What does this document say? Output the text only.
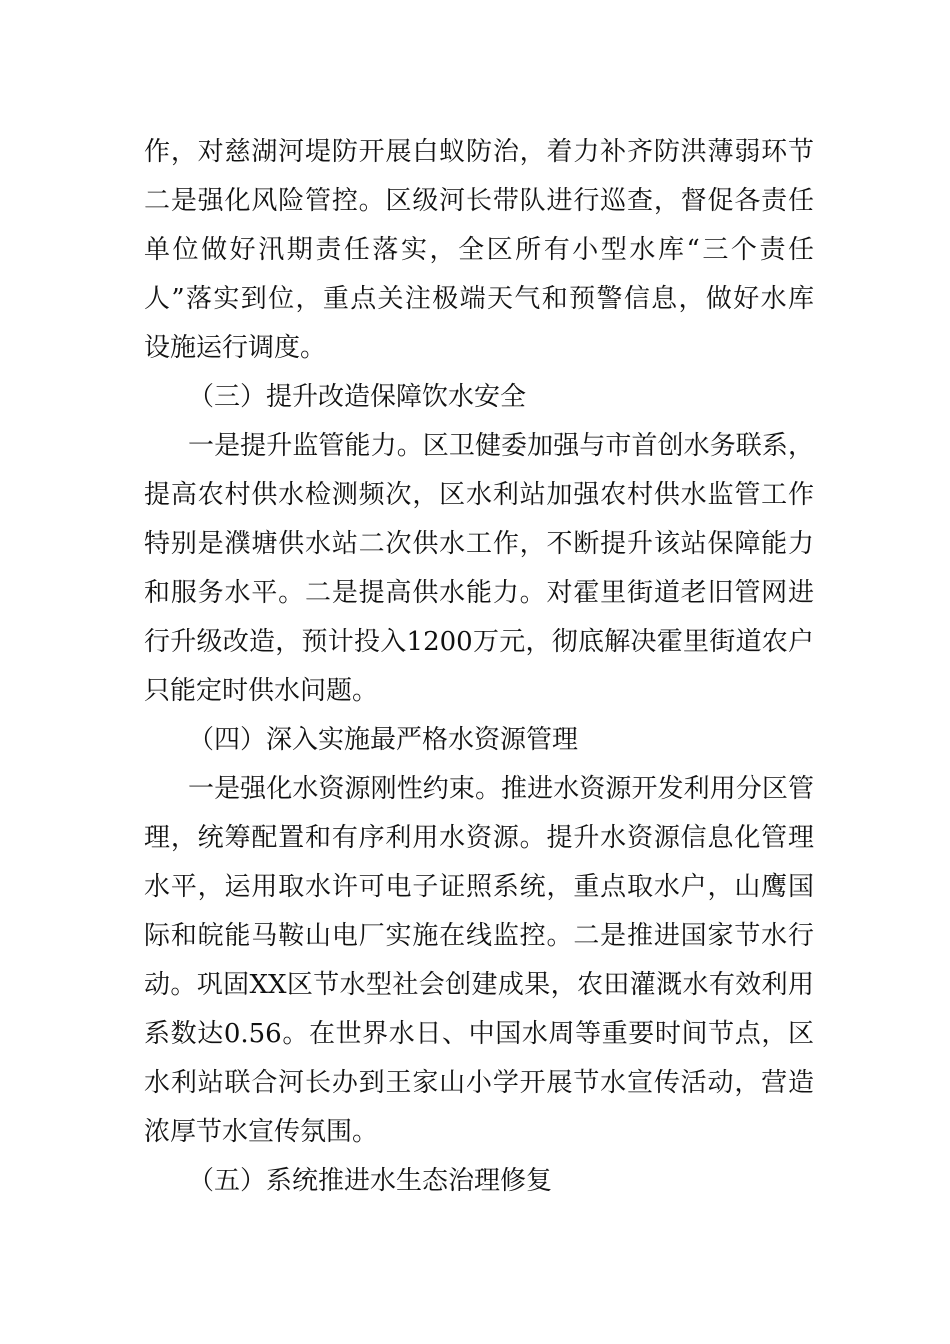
作，对慈湖河堤防开展白蚁防治，着力补齐防洪薄弱环节
二是强化风险管控。区级河长带队进行巡查，督促各责任
单位做好汛期责任落实，全区所有小型水库“三个责任
人”落实到位，重点关注极端天气和预警信息，做好水库
设施运行调度。
（三）提升改造保障饮水安全
一是提升监管能力。区卫健委加强与市首创水务联系，
提高农村供水检测频次，区水利站加强农村供水监管工作
特别是濮塘供水站二次供水工作，不断提升该站保障能力
和服务水平。二是提高供水能力。对霍里街道老旧管网进
行升级改造，预计投入1200万元，彻底解决霍里街道农户
只能定时供水问题。
（四）深入实施最严格水资源管理
一是强化水资源刚性约束。推进水资源开发利用分区管
理，统筹配置和有序利用水资源。提升水资源信息化管理
水平，运用取水许可电子证照系统，重点取水户，山鹰国
际和皖能马鞍山电厂实施在线监控。二是推进国家节水行
动。巩固XX区节水型社会创建成果，农田灌溉水有效利用
系数达0.56。在世界水日、中国水周等重要时间节点，区
水利站联合河长办到王家山小学开展节水宣传活动，营造
浓厚节水宣传氛围。
（五）系统推进水生态治理修复
